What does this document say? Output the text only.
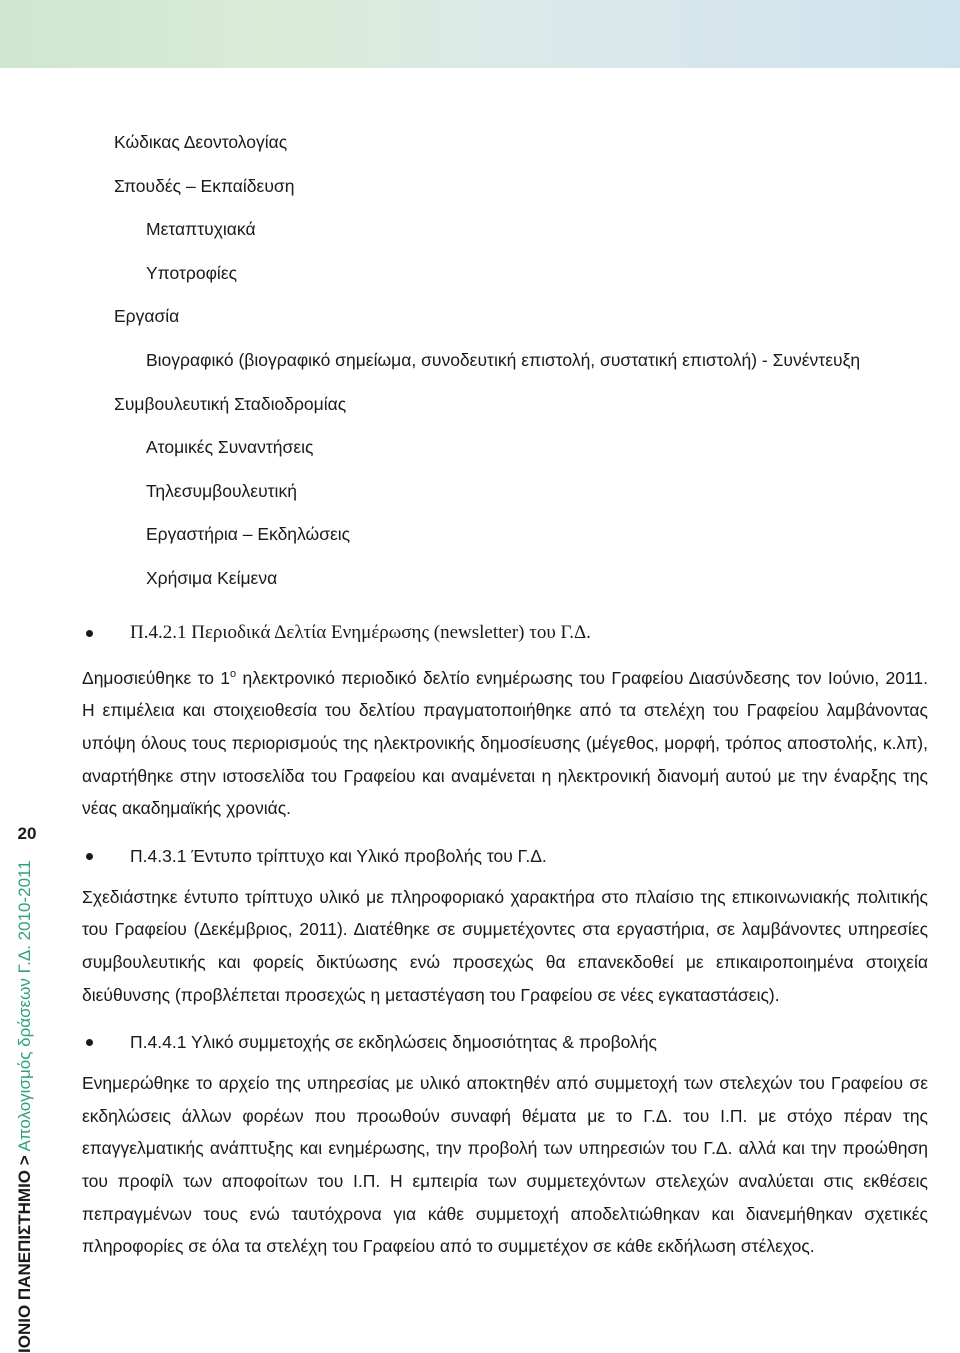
20
ΙΟΝΙΟ ΠΑΝΕΠΙΣΤΗΜΙΟ > Απολογισμός δράσεων Γ.Δ. 2010-2011
Κώδικας Δεοντολογίας
Σπουδές – Εκπαίδευση
Μεταπτυχιακά
Υποτροφίες
Εργασία
Βιογραφικό (βιογραφικό σημείωμα, συνοδευτική επιστολή, συστατική επιστολή) - Συνέντευξη
Συμβουλευτική Σταδιοδρομίας
Ατομικές Συναντήσεις
Τηλεσυμβουλευτική
Εργαστήρια – Εκδηλώσεις
Χρήσιμα Κείμενα

Π.4.2.1 Περιοδικά Δελτία Ενημέρωσης (newsletter) του Γ.Δ.

Δημοσιεύθηκε το $1^o$ ηλεκτρονικό περιοδικό δελτίο ενημέρωσης του Γραφείου Διασύνδεσης τον Ιούνιο, 2011. Η επιμέλεια και στοιχειοθεσία του δελτίου πραγματοποιήθηκε από τα στελέχη του Γραφείου λαμβάνοντας υπόψη όλους τους περιορισμούς της ηλεκτρονικής δημοσίευσης (μέγεθος, μορφή, τρόπος αποστολής, κ.λπ), αναρτήθηκε στην ιστοσελίδα του Γραφείου και αναμένεται η ηλεκτρονική διανομή αυτού με την έναρξης της νέας ακαδημαϊκής χρονιάς.

Π.4.3.1 Έντυπο τρίπτυχο και Υλικό προβολής του Γ.Δ.

Σχεδιάστηκε έντυπο τρίπτυχο υλικό με πληροφοριακό χαρακτήρα στο πλαίσιο της επικοινωνιακής πολιτικής του Γραφείου (Δεκέμβριος, 2011). Διατέθηκε σε συμμετέχοντες στα εργαστήρια, σε λαμβάνοντες υπηρεσίες συμβουλευτικής και φορείς δικτύωσης ενώ προσεχώς θα επανεκδοθεί με επικαιροποιημένα στοιχεία διεύθυνσης (προβλέπεται προσεχώς η μεταστέγαση του Γραφείου σε νέες εγκαταστάσεις).

Π.4.4.1 Υλικό συμμετοχής σε εκδηλώσεις δημοσιότητας & προβολής

Ενημερώθηκε το αρχείο της υπηρεσίας με υλικό αποκτηθέν από συμμετοχή των στελεχών του Γραφείου σε εκδηλώσεις άλλων φορέων που προωθούν συναφή θέματα με το Γ.Δ. του Ι.Π. με στόχο πέραν της επαγγελματικής ανάπτυξης και ενημέρωσης, την προβολή των υπηρεσιών του Γ.Δ. αλλά και την προώθηση του προφίλ των αποφοίτων του Ι.Π. Η εμπειρία των συμμετεχόντων στελεχών αναλύεται στις εκθέσεις πεπραγμένων τους ενώ ταυτόχρονα για κάθε συμμετοχή αποδελτιώθηκαν και διανεμήθηκαν σχετικές πληροφορίες σε όλα τα στελέχη του Γραφείου από το συμμετέχον σε κάθε εκδήλωση στέλεχος.
